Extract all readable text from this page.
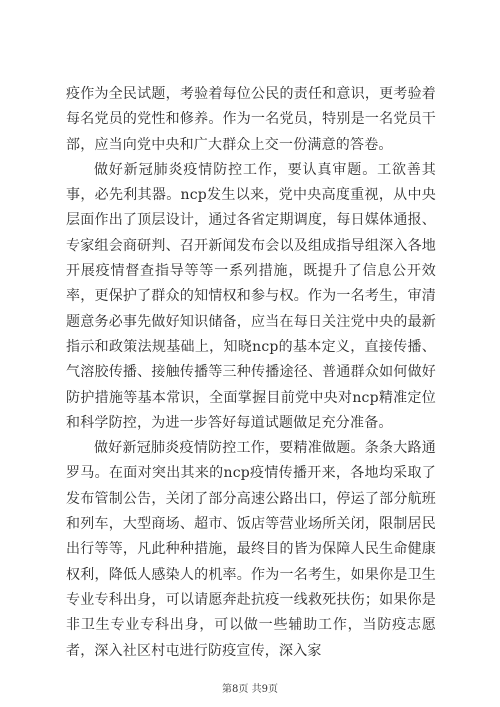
疫作为全民试题，考验着每位公民的责任和意识，更考验着每名党员的党性和修养。作为一名党员，特别是一名党员干部，应当向党中央和广大群众上交一份满意的答卷。

做好新冠肺炎疫情防控工作，要认真审题。工欲善其事，必先利其器。ncp发生以来，党中央高度重视，从中央层面作出了顶层设计，通过各省定期调度，每日媒体通报、专家组会商研判、召开新闻发布会以及组成指导组深入各地开展疫情督查指导等等一系列措施，既提升了信息公开效率，更保护了群众的知情权和参与权。作为一名考生，审清题意务必事先做好知识储备，应当在每日关注党中央的最新指示和政策法规基础上，知晓ncp的基本定义，直接传播、气溶胶传播、接触传播等三种传播途径、普通群众如何做好防护措施等基本常识，全面掌握目前党中央对ncp精准定位和科学防控，为进一步答好每道试题做足充分准备。

做好新冠肺炎疫情防控工作，要精准做题。条条大路通罗马。在面对突出其来的ncp疫情传播开来，各地均采取了发布管制公告，关闭了部分高速公路出口，停运了部分航班和列车，大型商场、超市、饭店等营业场所关闭，限制居民出行等等，凡此种种措施，最终目的皆为保障人民生命健康权利，降低人感染人的机率。作为一名考生，如果你是卫生专业专科出身，可以请愿奔赴抗疫一线救死扶伤；如果你是非卫生专业专科出身，可以做一些辅助工作，当防疫志愿者，深入社区村屯进行防疫宣传，深入家

第8页 共9页
